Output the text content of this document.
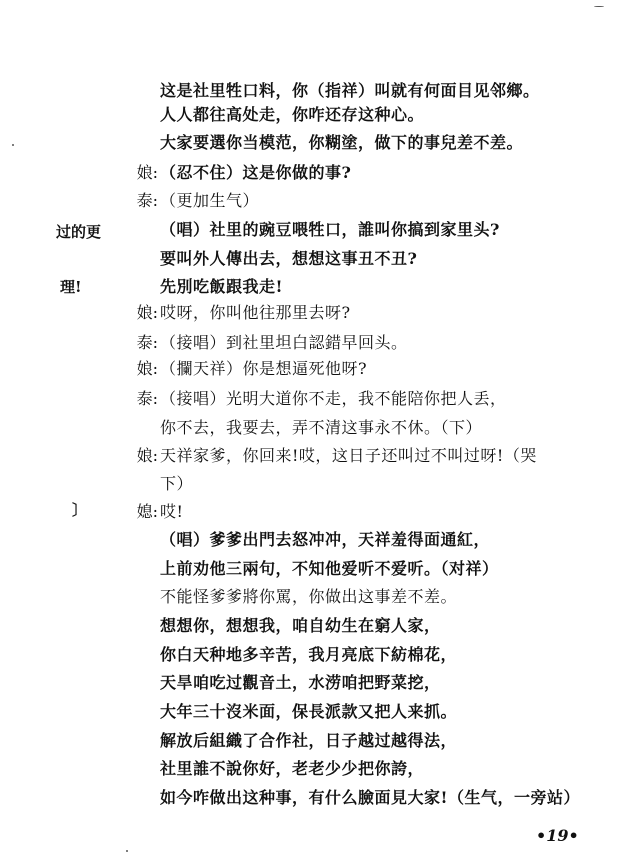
过的更
理!
〕
这是社里牲口料，你（指祥）叫就有何面目见邻鄉。
人人都往高处走，你咋还存这种心。
大家要選你当模范，你糊塗，做下的事兒差不差。
娘: （忍不住）这是你做的事?
泰: （更加生气）
（唱）社里的豌豆喂牲口，誰叫你搞到家里头?
要叫外人傳出去，想想这事丑不丑?
先別吃飯跟我走!
娘: 哎呀，你叫他往那里去呀?
泰: （接唱）到社里坦白認錯早回头。
娘: （攔天祥）你是想逼死他呀?
泰: （接唱）光明大道你不走，我不能陪你把人丢，
你不去，我要去，弄不清这事永不休。（下）
娘: 天祥家爹，你回来!哎，这日子还叫过不叫过呀!（哭
下）
媳: 哎!
（唱）爹爹出門去怒冲冲，天祥羞得面通紅，
上前劝他三兩句，不知他爱听不爱听。（对祥）
不能怪爹爹將你罵，你做出这事差不差。
想想你，想想我，咱自幼生在窮人家，
你白天种地多辛苦，我月亮底下紡棉花，
天旱咱吃过觀音土，水涝咱把野菜挖，
大年三十沒米面，保長派款又把人来抓。
解放后組織了合作社，日子越过越得法，
社里誰不說你好，老老少少把你誇，
如今咋做出这种事，有什么臉面見大家!（生气，一旁站）
•19•
